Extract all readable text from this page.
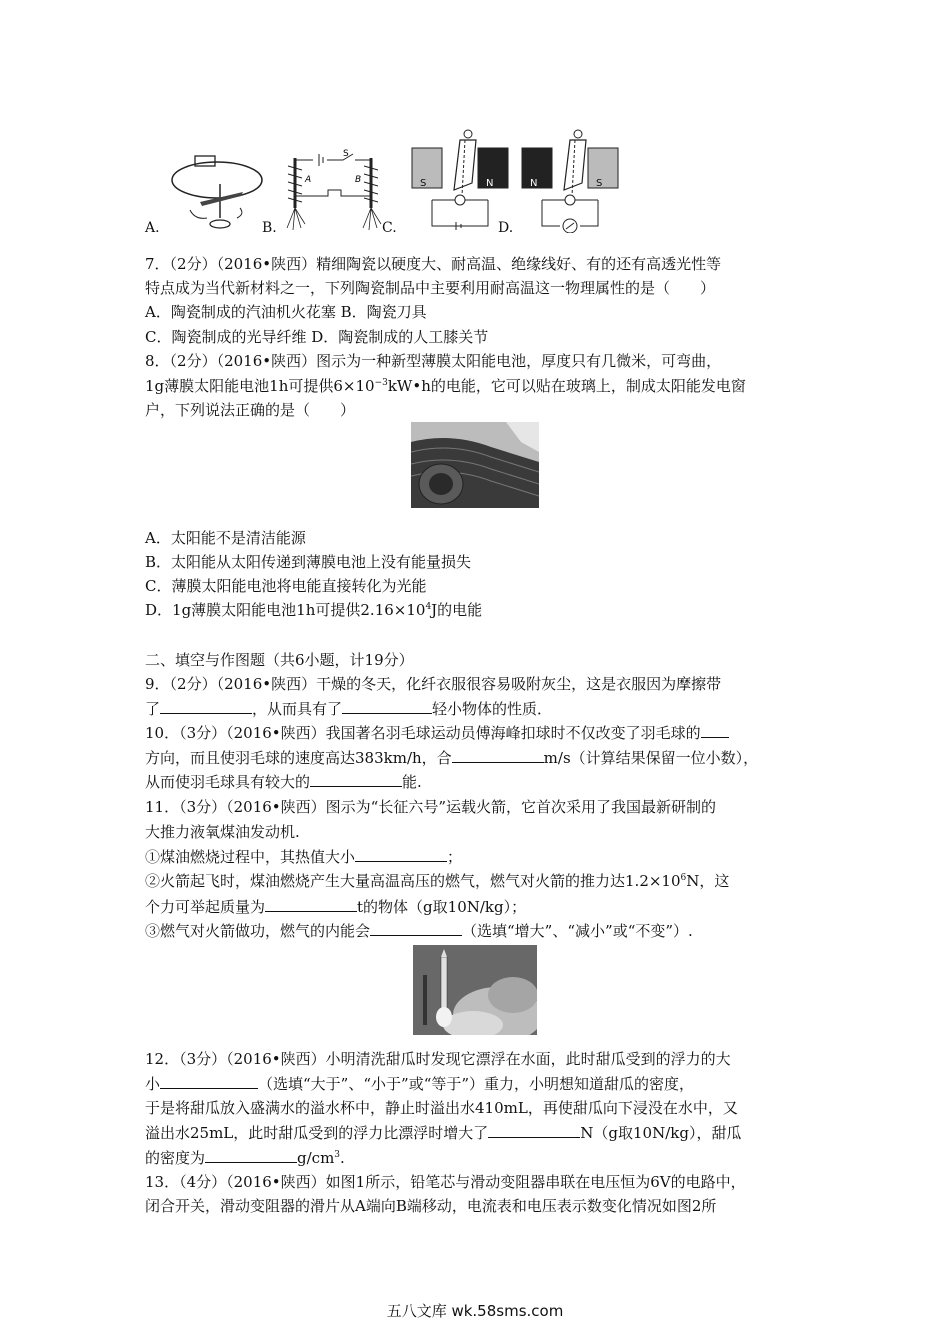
A.
S
A	B
B.
S	N
C.
N	S
D.
7．（2分）（2016•陕西）精细陶瓷以硬度大、耐高温、绝缘线好、有的还有高透光性等
特点成为当代新材料之一，下列陶瓷制品中主要利用耐高温这一物理属性的是（　　）
A．陶瓷制成的汽油机火花塞 B．陶瓷刀具
C．陶瓷制成的光导纤维 D．陶瓷制成的人工膝关节
8．（2分）（2016•陕西）图示为一种新型薄膜太阳能电池，厚度只有几微米，可弯曲，
1g薄膜太阳能电池1h可提供$6\times 10^{-3}kW•h$的电能，它可以贴在玻璃上，制成太阳能发电窗
户，下列说法正确的是（　　）
A．太阳能不是清洁能源
B．太阳能从太阳传递到薄膜电池上没有能量损失
C．薄膜太阳能电池将电能直接转化为光能
D．1g薄膜太阳能电池1h可提供$2.16\times 10^4J$的电能
二、填空与作图题（共6小题，计19分）
9．（2分）（2016•陕西）干燥的冬天，化纤衣服很容易吸附灰尘，这是衣服因为摩擦带
了	，从而具有了	轻小物体的性质．
10．（3分）（2016•陕西）我国著名羽毛球运动员傅海峰扣球时不仅改变了羽毛球的
方向，而且使羽毛球的速度高达383km/h，合	m/s（计算结果保留一位小数），
从而使羽毛球具有较大的	能.
11．（3分）（2016•陕西）图示为“长征六号”运载火箭，它首次采用了我国最新研制的
大推力液氧煤油发动机.
①煤油燃烧过程中，其热值大小	；
②火箭起飞时，煤油燃烧产生大量高温高压的燃气，燃气对火箭的推力达$1.2\times 10^6N$，这
个力可举起质量为	t的物体（g取10N/kg）；
③燃气对火箭做功，燃气的内能会	（选填“增大”、“减小”或“不变”）.
12．（3分）（2016•陕西）小明清洗甜瓜时发现它漂浮在水面，此时甜瓜受到的浮力的大
小	（选填“大于”、“小于”或“等于”）重力，小明想知道甜瓜的密度，
于是将甜瓜放入盛满水的溢水杯中，静止时溢出水410mL，再使甜瓜向下浸没在水中，又
溢出水25mL，此时甜瓜受到的浮力比漂浮时增大了	N（g取10N/kg），甜瓜
的密度为	$g/cm^3$.
13．（4分）（2016•陕西）如图1所示，铅笔芯与滑动变阻器串联在电压恒为6V的电路中，
闭合开关，滑动变阻器的滑片从A端向B端移动，电流表和电压表示数变化情况如图2所
五八文库 wk.58sms.com
